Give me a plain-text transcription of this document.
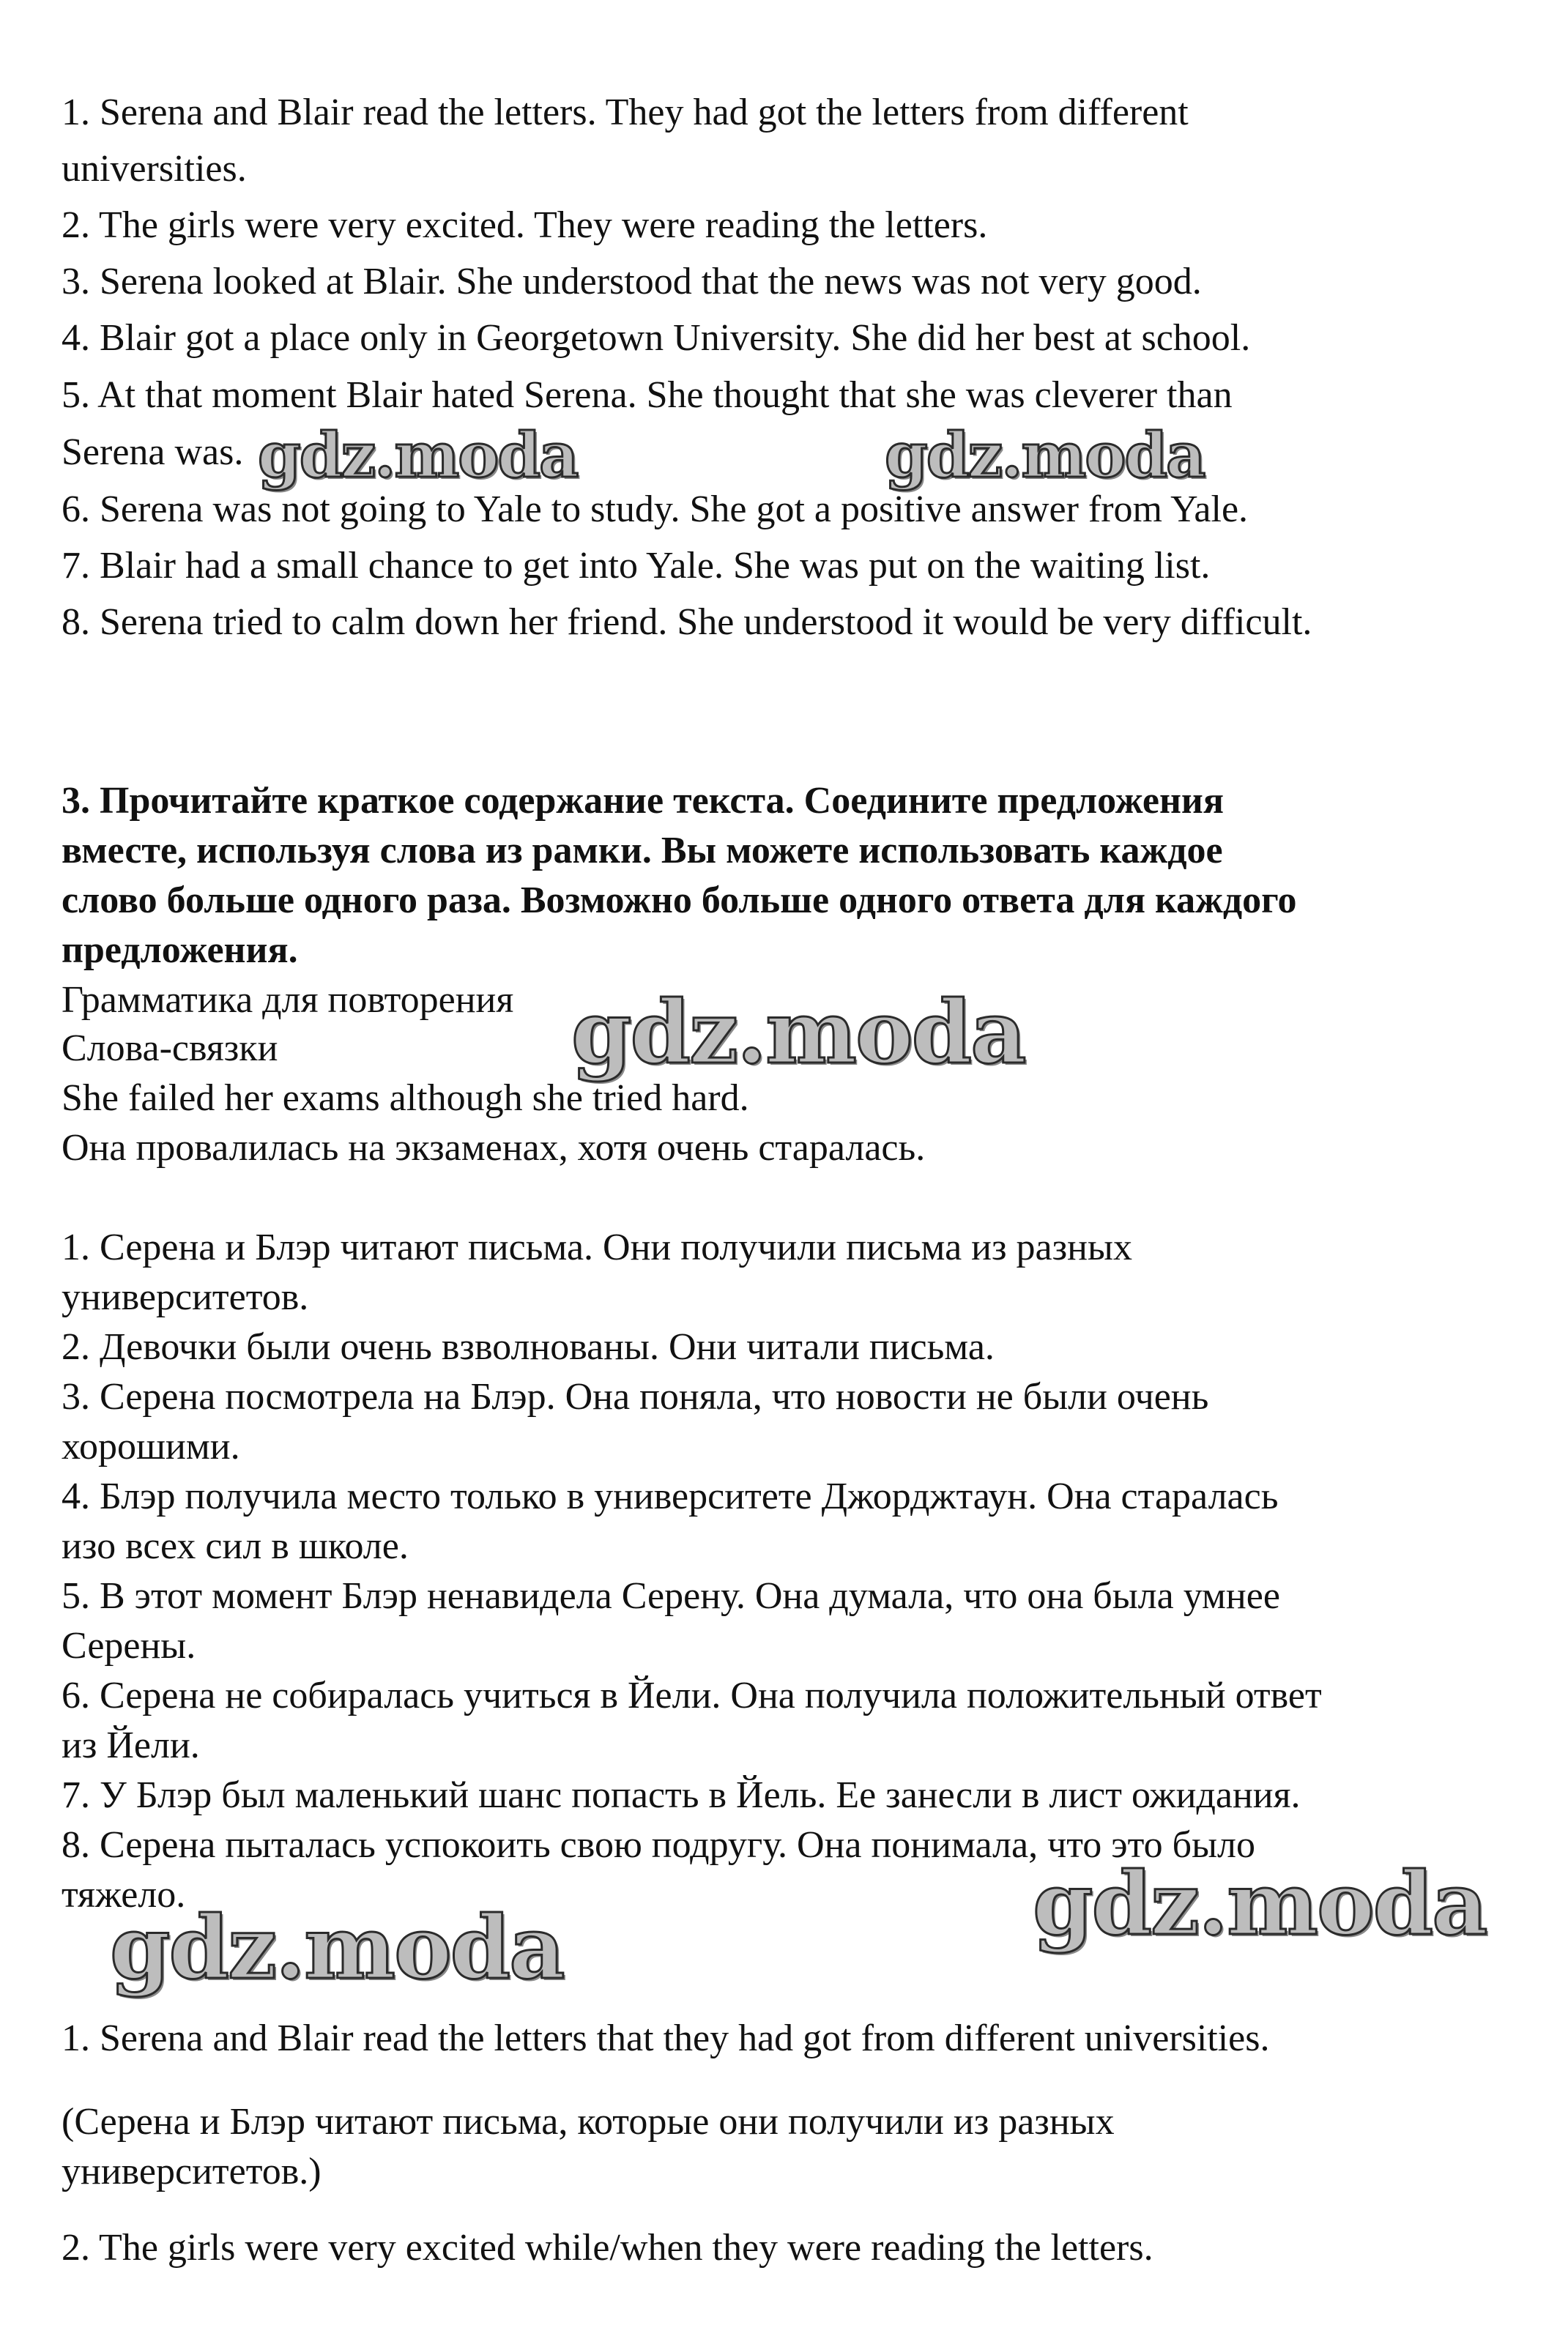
1. Serena and Blair read the letters. They had got the letters from different

universities.

2. The girls were very excited. They were reading the letters.

3. Serena looked at Blair. She understood that the news was not very good.

4. Blair got a place only in Georgetown University. She did her best at school.

5. At that moment Blair hated Serena. She thought that she was cleverer than

Serena was.

6. Serena was not going to Yale to study. She got a positive answer from Yale.

7. Blair had a small chance to get into Yale. She was put on the waiting list.

8. Serena tried to calm down her friend. She understood it would be very difficult.

3. Прочитайте краткое содержание текста. Соедините предложения

вместе, используя слова из рамки. Вы можете использовать каждое

слово больше одного раза. Возможно больше одного ответа для каждого

предложения.

Грамматика для повторения

Слова-связки

She failed her exams although she tried hard.

Она провалилась на экзаменах, хотя очень старалась.

1. Серена и Блэр читают письма. Они получили письма из разных

университетов.

2. Девочки были очень взволнованы. Они читали письма.

3. Серена посмотрела на Блэр. Она поняла, что новости не были очень

хорошими.

4. Блэр получила место только в университете Джорджтаун. Она старалась

изо всех сил в школе.

5. В этот момент Блэр ненавидела Серену. Она думала, что она была умнее

Серены.

6. Серена не собиралась учиться в Йели. Она получила положительный ответ

из Йели.

7. У Блэр был маленький шанс попасть в Йель. Ее занесли в лист ожидания.

8. Серена пыталась успокоить свою подругу. Она понимала, что это было

тяжело.

1. Serena and Blair read the letters that they had got from different universities.

(Серена и Блэр читают письма, которые они получили из разных

университетов.)

2. The girls were very excited while/when they were reading the letters.

gdz.moda	gdz.moda

gdz.moda

gdz.moda

gdz.moda
